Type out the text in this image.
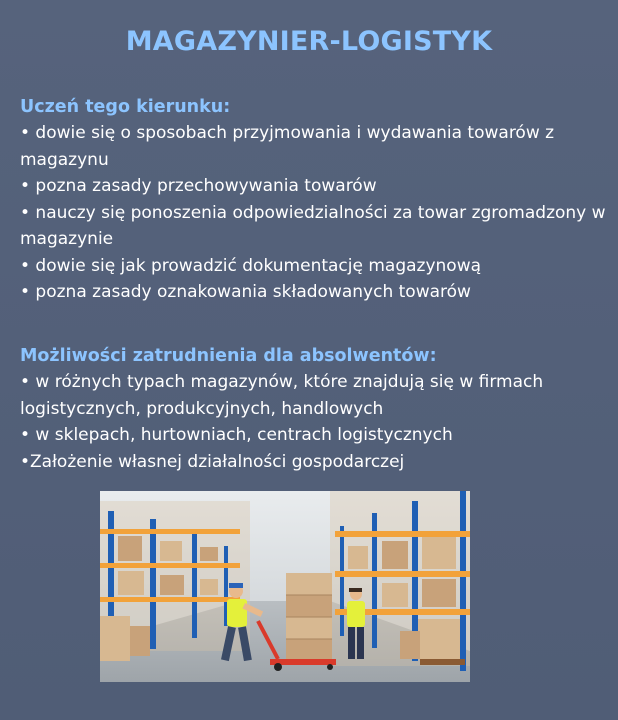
MAGAZYNIER-LOGISTYK
Uczeń tego kierunku:
• dowie się o sposobach przyjmowania i wydawania towarów z magazynu
• pozna zasady przechowywania towarów
• nauczy się ponoszenia odpowiedzialności za towar zgromadzony w magazynie
• dowie się jak prowadzić dokumentację magazynową
• pozna zasady oznakowania składowanych towarów
Możliwości zatrudnienia dla absolwentów:
• w różnych typach magazynów, które znajdują się w firmach logistycznych, produkcyjnych, handlowych
• w sklepach, hurtowniach, centrach logistycznych
•Założenie własnej działalności gospodarczej
